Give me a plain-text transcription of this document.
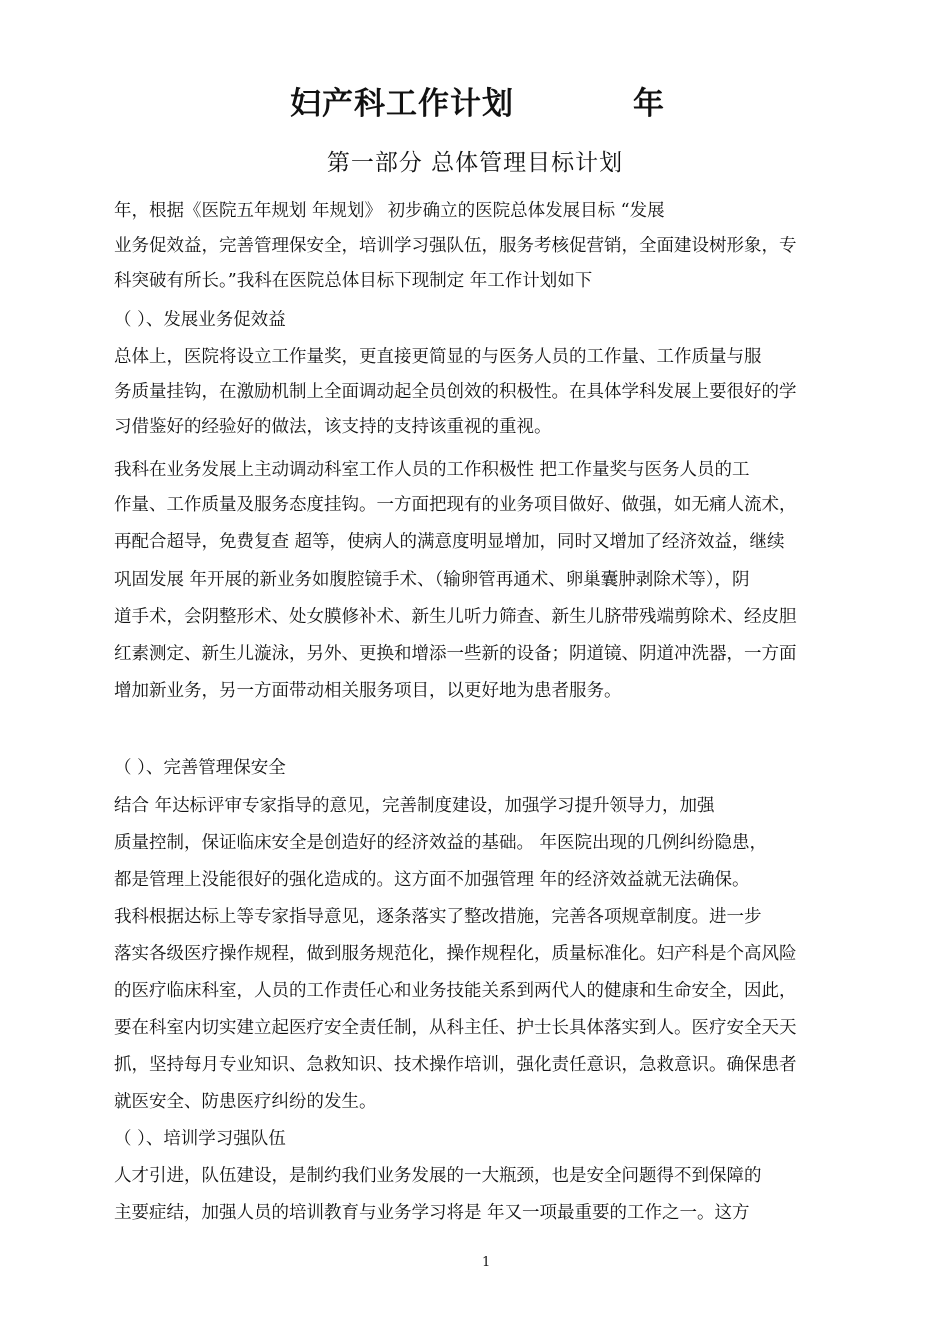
妇产科工作计划	年
第一部分 总体管理目标计划
年，根据《医院五年规划 年规划》 初步确立的医院总体发展目标 “发展
业务促效益，完善管理保安全，培训学习强队伍，服务考核促营销，全面建设树形象，专
科突破有所长。”我科在医院总体目标下现制定 年工作计划如下
（ ）、发展业务促效益
总体上，医院将设立工作量奖，更直接更简显的与医务人员的工作量、工作质量与服
务质量挂钩，在激励机制上全面调动起全员创效的积极性。在具体学科发展上要很好的学
习借鉴好的经验好的做法，该支持的支持该重视的重视。
我科在业务发展上主动调动科室工作人员的工作积极性 把工作量奖与医务人员的工
作量、工作质量及服务态度挂钩。一方面把现有的业务项目做好、做强，如无痛人流术，
再配合超导，免费复查 超等，使病人的满意度明显增加，同时又增加了经济效益，继续
巩固发展 年开展的新业务如腹腔镜手术、（输卵管再通术、卵巢囊肿剥除术等），阴
道手术，会阴整形术、处女膜修补术、新生儿听力筛查、新生儿脐带残端剪除术、经皮胆
红素测定、新生儿漩泳，另外、更换和增添一些新的设备；阴道镜、阴道冲洗器，一方面
增加新业务，另一方面带动相关服务项目，以更好地为患者服务。
（ ）、完善管理保安全
结合 年达标评审专家指导的意见，完善制度建设，加强学习提升领导力，加强
质量控制，保证临床安全是创造好的经济效益的基础。 年医院出现的几例纠纷隐患，
都是管理上没能很好的强化造成的。这方面不加强管理 年的经济效益就无法确保。
我科根据达标上等专家指导意见，逐条落实了整改措施，完善各项规章制度。进一步
落实各级医疗操作规程，做到服务规范化，操作规程化，质量标准化。妇产科是个高风险
的医疗临床科室，人员的工作责任心和业务技能关系到两代人的健康和生命安全，因此，
要在科室内切实建立起医疗安全责任制，从科主任、护士长具体落实到人。医疗安全天天
抓，坚持每月专业知识、急救知识、技术操作培训，强化责任意识，急救意识。确保患者
就医安全、防患医疗纠纷的发生。
（ ）、培训学习强队伍
人才引进，队伍建设，是制约我们业务发展的一大瓶颈，也是安全问题得不到保障的
主要症结，加强人员的培训教育与业务学习将是 年又一项最重要的工作之一。这方
1
